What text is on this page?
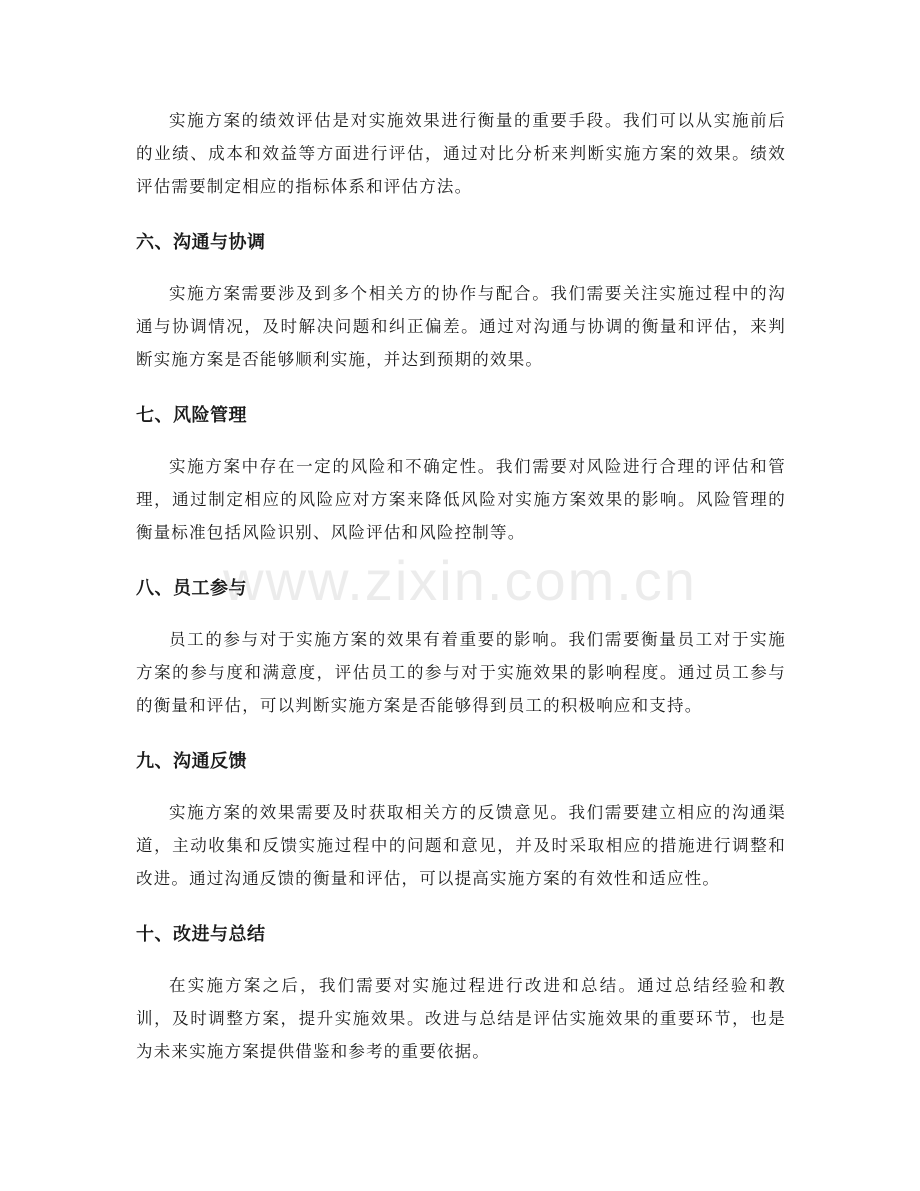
实施方案的绩效评估是对实施效果进行衡量的重要手段。我们可以从实施前后的业绩、成本和效益等方面进行评估，通过对比分析来判断实施方案的效果。绩效评估需要制定相应的指标体系和评估方法。

六、沟通与协调

实施方案需要涉及到多个相关方的协作与配合。我们需要关注实施过程中的沟通与协调情况，及时解决问题和纠正偏差。通过对沟通与协调的衡量和评估，来判断实施方案是否能够顺利实施，并达到预期的效果。

七、风险管理

实施方案中存在一定的风险和不确定性。我们需要对风险进行合理的评估和管理，通过制定相应的风险应对方案来降低风险对实施方案效果的影响。风险管理的衡量标准包括风险识别、风险评估和风险控制等。

八、员工参与

员工的参与对于实施方案的效果有着重要的影响。我们需要衡量员工对于实施方案的参与度和满意度，评估员工的参与对于实施效果的影响程度。通过员工参与的衡量和评估，可以判断实施方案是否能够得到员工的积极响应和支持。

九、沟通反馈

实施方案的效果需要及时获取相关方的反馈意见。我们需要建立相应的沟通渠道，主动收集和反馈实施过程中的问题和意见，并及时采取相应的措施进行调整和改进。通过沟通反馈的衡量和评估，可以提高实施方案的有效性和适应性。

十、改进与总结

在实施方案之后，我们需要对实施过程进行改进和总结。通过总结经验和教训，及时调整方案，提升实施效果。改进与总结是评估实施效果的重要环节，也是为未来实施方案提供借鉴和参考的重要依据。

www.zixin.com.cn
